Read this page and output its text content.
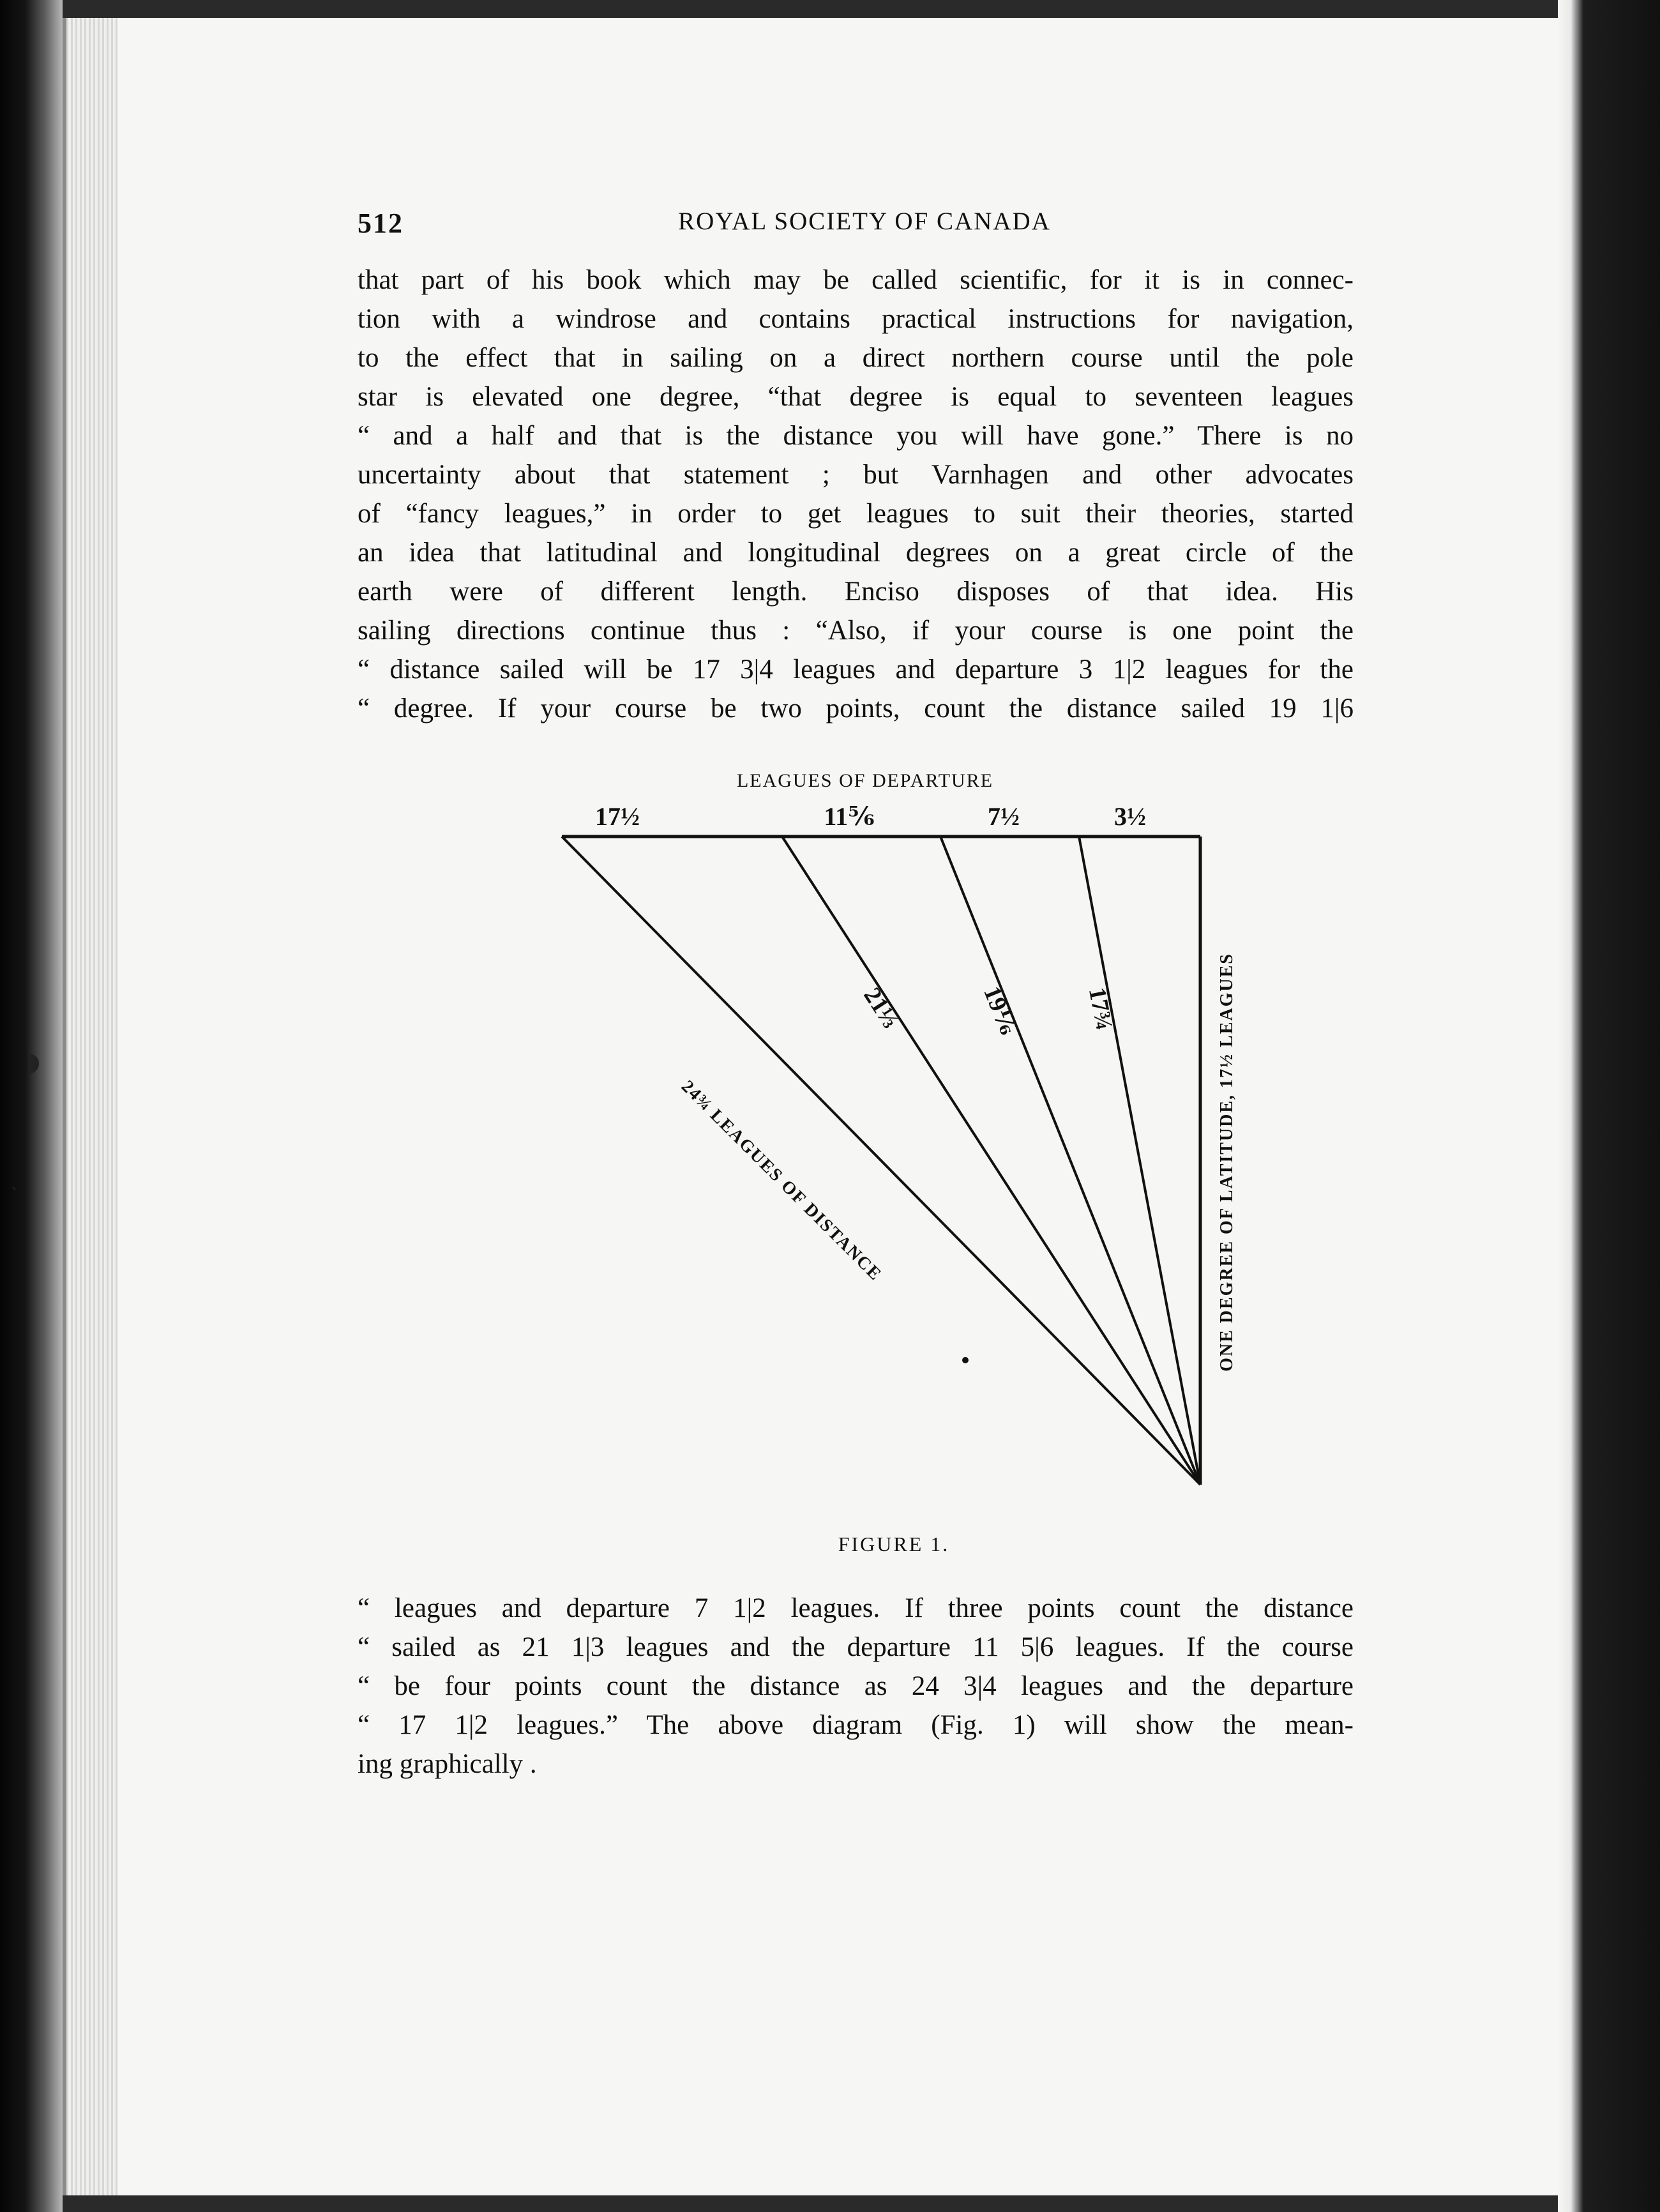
◗
ˎ
512	ROYAL SOCIETY OF CANADA
that part of his book which may be called scientific, for it is in connec-
tion with a windrose and contains practical instructions for navigation,
to the effect that in sailing on a direct northern course until the pole
star is elevated one degree, “that degree is equal to seventeen leagues
“ and a half and that is the distance you will have gone.” There is no
uncertainty about that statement ; but Varnhagen and other advocates
of “fancy leagues,” in order to get leagues to suit their theories, started
an idea that latitudinal and longitudinal degrees on a great circle of the
earth were of different length. Enciso disposes of that idea. His
sailing directions continue thus : “Also, if your course is one point the
“ distance sailed will be 17 3|4 leagues and departure 3 1|2 leagues for the
“ degree. If your course be two points, count the distance sailed 19 1|6
LEAGUES OF DEPARTURE
17½	11⅚	7½	3½
21⅓	19⅙	17¾
24¾ LEAGUES OF DISTANCE	ONE DEGREE OF LATITUDE, 17½ LEAGUES
FIGURE 1.
“ leagues and departure 7 1|2 leagues. If three points count the distance
“ sailed as 21 1|3 leagues and the departure 11 5|6 leagues. If the course
“ be four points count the distance as 24 3|4 leagues and the departure
“ 17 1|2 leagues.” The above diagram (Fig. 1) will show the mean-
ing graphically .
